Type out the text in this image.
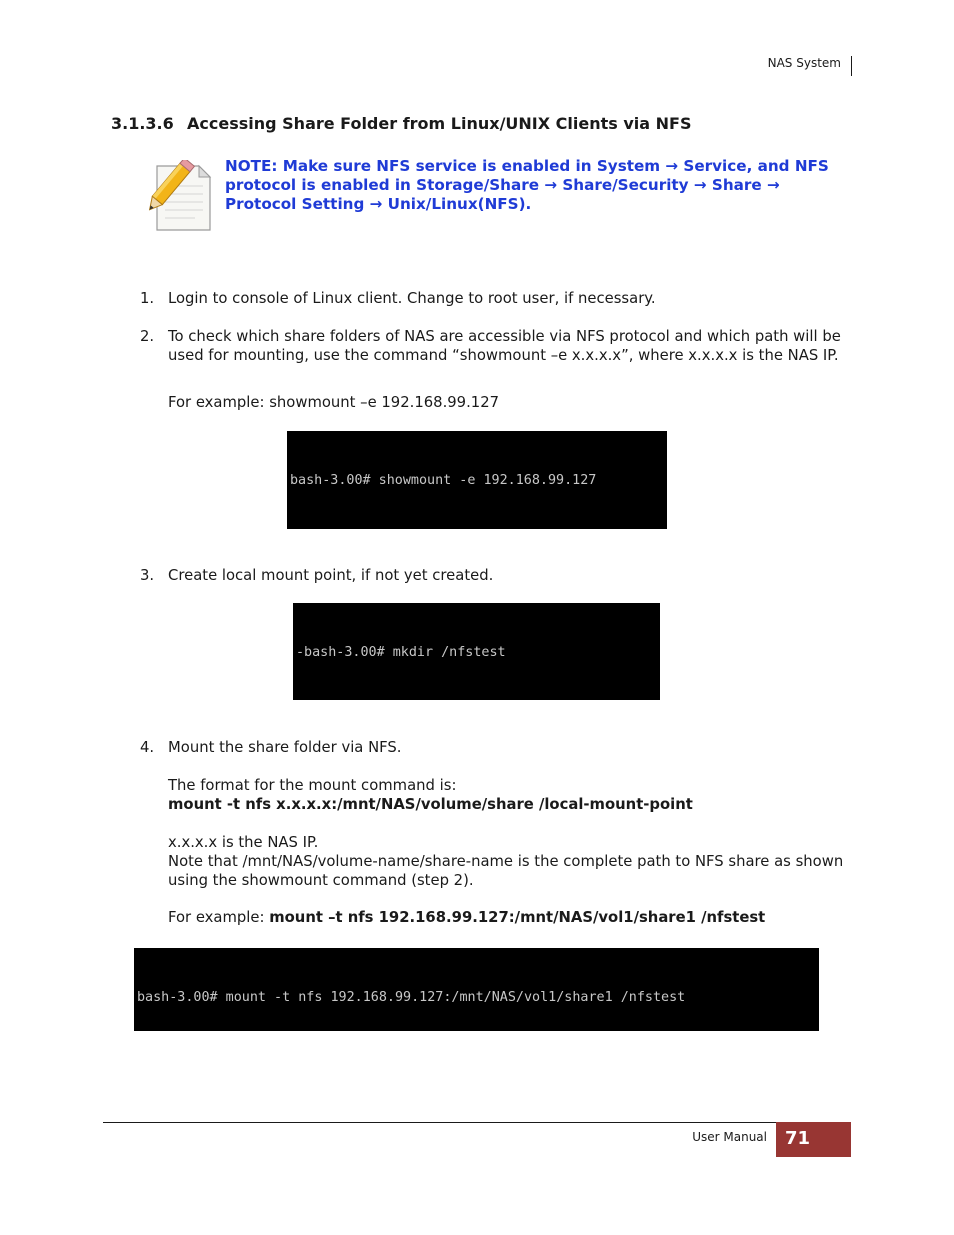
NAS System
3.1.3.6 Accessing Share Folder from Linux/UNIX Clients via NFS
NOTE: Make sure NFS service is enabled in System → Service, and NFS protocol is enabled in Storage/Share → Share/Security → Share → Protocol Setting → Unix/Linux(NFS).
1. Login to console of Linux client. Change to root user, if necessary.
2. To check which share folders of NAS are accessible via NFS protocol and which path will be used for mounting, use the command “showmount –e x.x.x.x”, where x.x.x.x is the NAS IP.
For example: showmount –e 192.168.99.127

bash-3.00# showmount -e 192.168.99.127

3. Create local mount point, if not yet created.

-bash-3.00# mkdir /nfstest

4. Mount the share folder via NFS.
The format for the mount command is:
mount -t nfs x.x.x.x:/mnt/NAS/volume/share /local-mount-point
x.x.x.x is the NAS IP.
Note that /mnt/NAS/volume-name/share-name is the complete path to NFS share as shown using the showmount command (step 2).
For example: mount –t nfs 192.168.99.127:/mnt/NAS/vol1/share1 /nfstest

bash-3.00# mount -t nfs 192.168.99.127:/mnt/NAS/vol1/share1 /nfstest

User Manual	71
